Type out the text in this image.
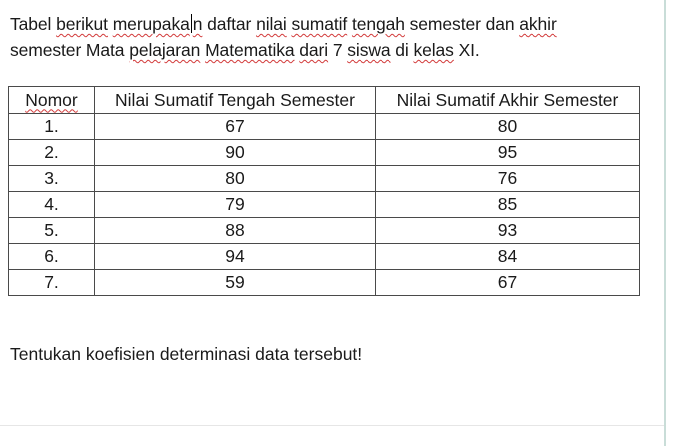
Tabel berikut merupaka n daftar nilai sumatif tengah semester dan akhir

semester Mata pelajaran Matematika dari 7 siswa di kelas XI.

Nomor	Nilai Sumatif Tengah Semester	Nilai Sumatif Akhir Semester
1.	67	80
2.	90	95
3.	80	76
4.	79	85
5.	88	93
6.	94	84
7.	59	67

Tentukan koefisien determinasi data tersebut!
